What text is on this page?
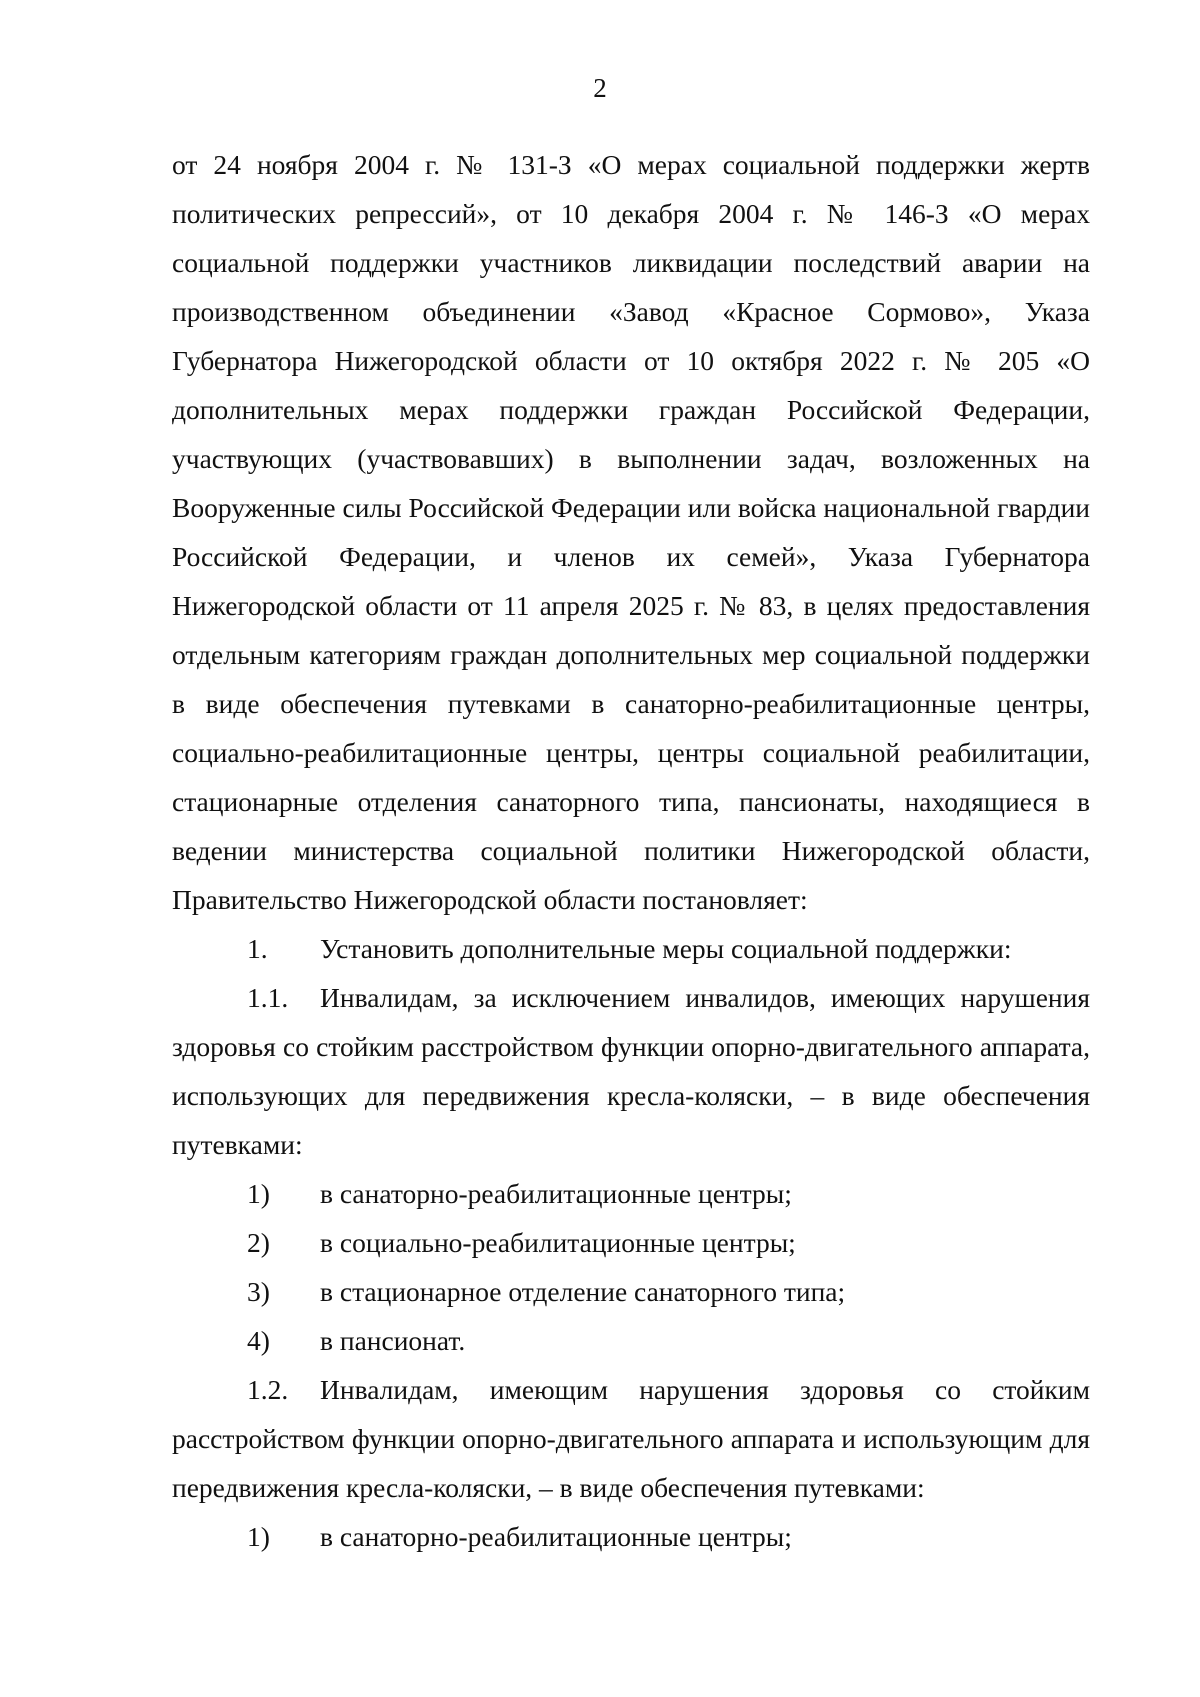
2

от 24 ноября 2004 г. № 131-З «О мерах социальной поддержки жертв политических репрессий», от 10 декабря 2004 г. № 146-З «О мерах социальной поддержки участников ликвидации последствий аварии на производственном объединении «Завод «Красное Сормово», Указа Губернатора Нижегородской области от 10 октября 2022 г. № 205 «О дополнительных мерах поддержки граждан Российской Федерации, участвующих (участвовавших) в выполнении задач, возложенных на Вооруженные силы Российской Федерации или войска национальной гвардии Российской Федерации, и членов их семей», Указа Губернатора Нижегородской области от 11 апреля 2025 г. № 83, в целях предоставления отдельным категориям граждан дополнительных мер социальной поддержки в виде обеспечения путевками в санаторно-реабилитационные центры, социально-реабилитационные центры, центры социальной реабилитации, стационарные отделения санаторного типа, пансионаты, находящиеся в ведении министерства социальной политики Нижегородской области, Правительство Нижегородской области постановляет:

1.	Установить дополнительные меры социальной поддержки:

1.1. Инвалидам, за исключением инвалидов, имеющих нарушения здоровья со стойким расстройством функции опорно-двигательного аппарата, использующих для передвижения кресла-коляски, – в виде обеспечения путевками:

1)	в санаторно-реабилитационные центры;

2)	в социально-реабилитационные центры;

3)	в стационарное отделение санаторного типа;

4)	в пансионат.

1.2. Инвалидам, имеющим нарушения здоровья со стойким расстройством функции опорно-двигательного аппарата и использующим для передвижения кресла-коляски, – в виде обеспечения путевками:

1)	в санаторно-реабилитационные центры;
